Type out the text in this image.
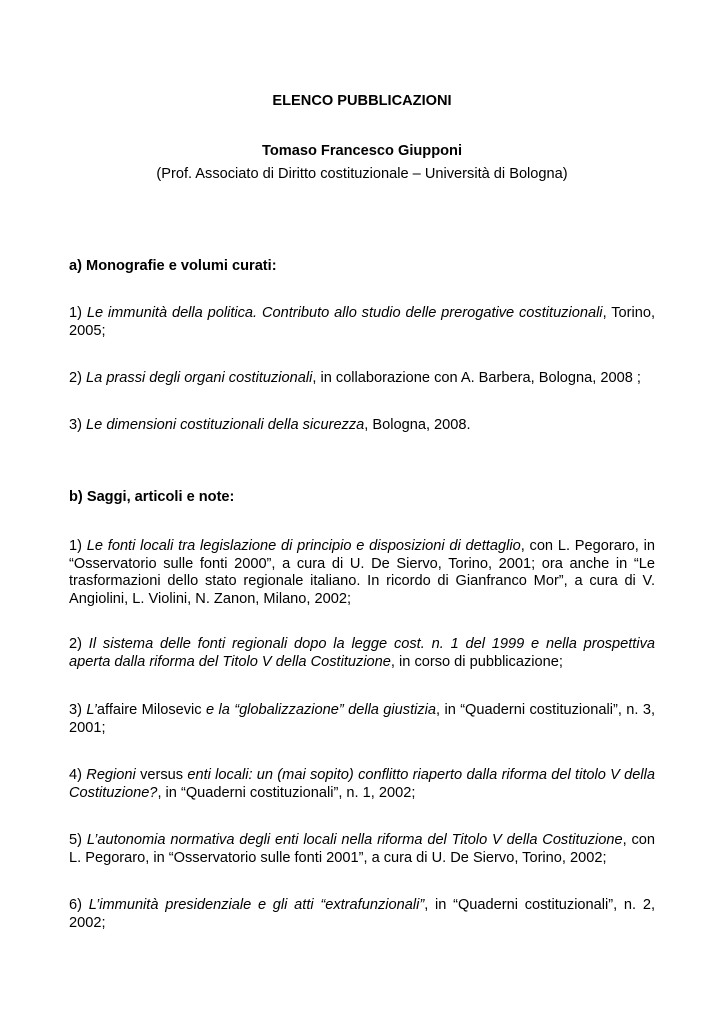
ELENCO PUBBLICAZIONI
Tomaso Francesco Giupponi
(Prof. Associato di Diritto costituzionale – Università di Bologna)
a) Monografie e volumi curati:
1) Le immunità della politica. Contributo allo studio delle prerogative costituzionali, Torino, 2005;
2) La prassi degli organi costituzionali, in collaborazione con A. Barbera, Bologna, 2008 ;
3) Le dimensioni costituzionali della sicurezza, Bologna, 2008.
b) Saggi, articoli e note:
1) Le fonti locali tra legislazione di principio e disposizioni di dettaglio, con L. Pegoraro, in “Osservatorio sulle fonti 2000”, a cura di U. De Siervo, Torino, 2001; ora anche in “Le trasformazioni dello stato regionale italiano. In ricordo di Gianfranco Mor”, a cura di V. Angiolini, L. Violini, N. Zanon, Milano, 2002;
2) Il sistema delle fonti regionali dopo la legge cost. n. 1 del 1999 e nella prospettiva aperta dalla riforma del Titolo V della Costituzione, in corso di pubblicazione;
3) L’affaire Milosevic e la “globalizzazione” della giustizia, in “Quaderni costituzionali”, n. 3, 2001;
4) Regioni versus enti locali: un (mai sopito) conflitto riaperto dalla riforma del titolo V della Costituzione?, in “Quaderni costituzionali”, n. 1, 2002;
5) L’autonomia normativa degli enti locali nella riforma del Titolo V della Costituzione, con L. Pegoraro, in “Osservatorio sulle fonti 2001”, a cura di U. De Siervo, Torino, 2002;
6) L’immunità presidenziale e gli atti “extrafunzionali”, in “Quaderni costituzionali”, n. 2, 2002;
